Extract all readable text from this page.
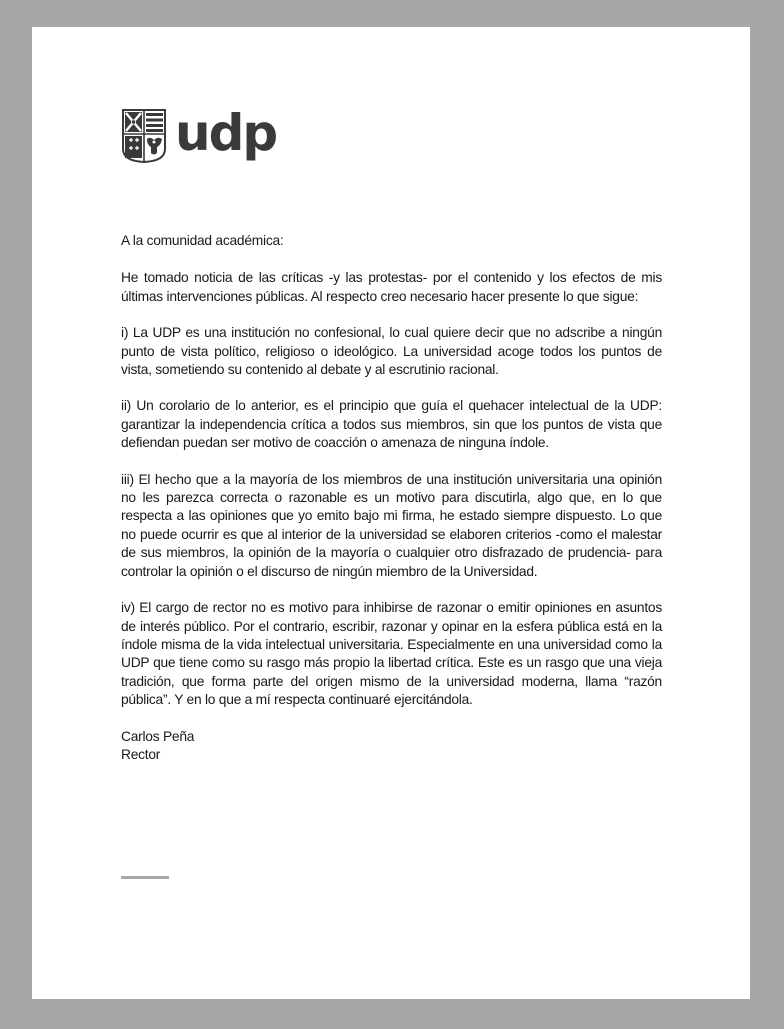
udp

A la comunidad académica:

He tomado noticia de las críticas -y las protestas- por el contenido y los efectos de mis últimas intervenciones públicas. Al respecto creo necesario hacer presente lo que sigue:

i) La UDP es una institución no confesional, lo cual quiere decir que no adscribe a ningún punto de vista político, religioso o ideológico. La universidad acoge todos los puntos de vista, sometiendo su contenido al debate y al escrutinio racional.

ii) Un corolario de lo anterior, es el principio que guía el quehacer intelectual de la UDP: garantizar la independencia crítica a todos sus miembros, sin que los puntos de vista que defiendan puedan ser motivo de coacción o amenaza de ninguna índole.

iii) El hecho que a la mayoría de los miembros de una institución universitaria una opinión no les parezca correcta o razonable es un motivo para discutirla, algo que, en lo que respecta a las opiniones que yo emito bajo mi firma, he estado siempre dispuesto. Lo que no puede ocurrir es que al interior de la universidad se elaboren criterios -como el malestar de sus miembros, la opinión de la mayoría o cualquier otro disfrazado de prudencia- para controlar la opinión o el discurso de ningún miembro de la Universidad.

iv) El cargo de rector no es motivo para inhibirse de razonar o emitir opiniones en asuntos de interés público. Por el contrario, escribir, razonar y opinar en la esfera pública está en la índole misma de la vida intelectual universitaria. Especialmente en una universidad como la UDP que tiene como su rasgo más propio la libertad crítica. Este es un rasgo que una vieja tradición, que forma parte del origen mismo de la universidad moderna, llama “razón pública”. Y en lo que a mí respecta continuaré ejercitándola.

Carlos Peña
Rector
